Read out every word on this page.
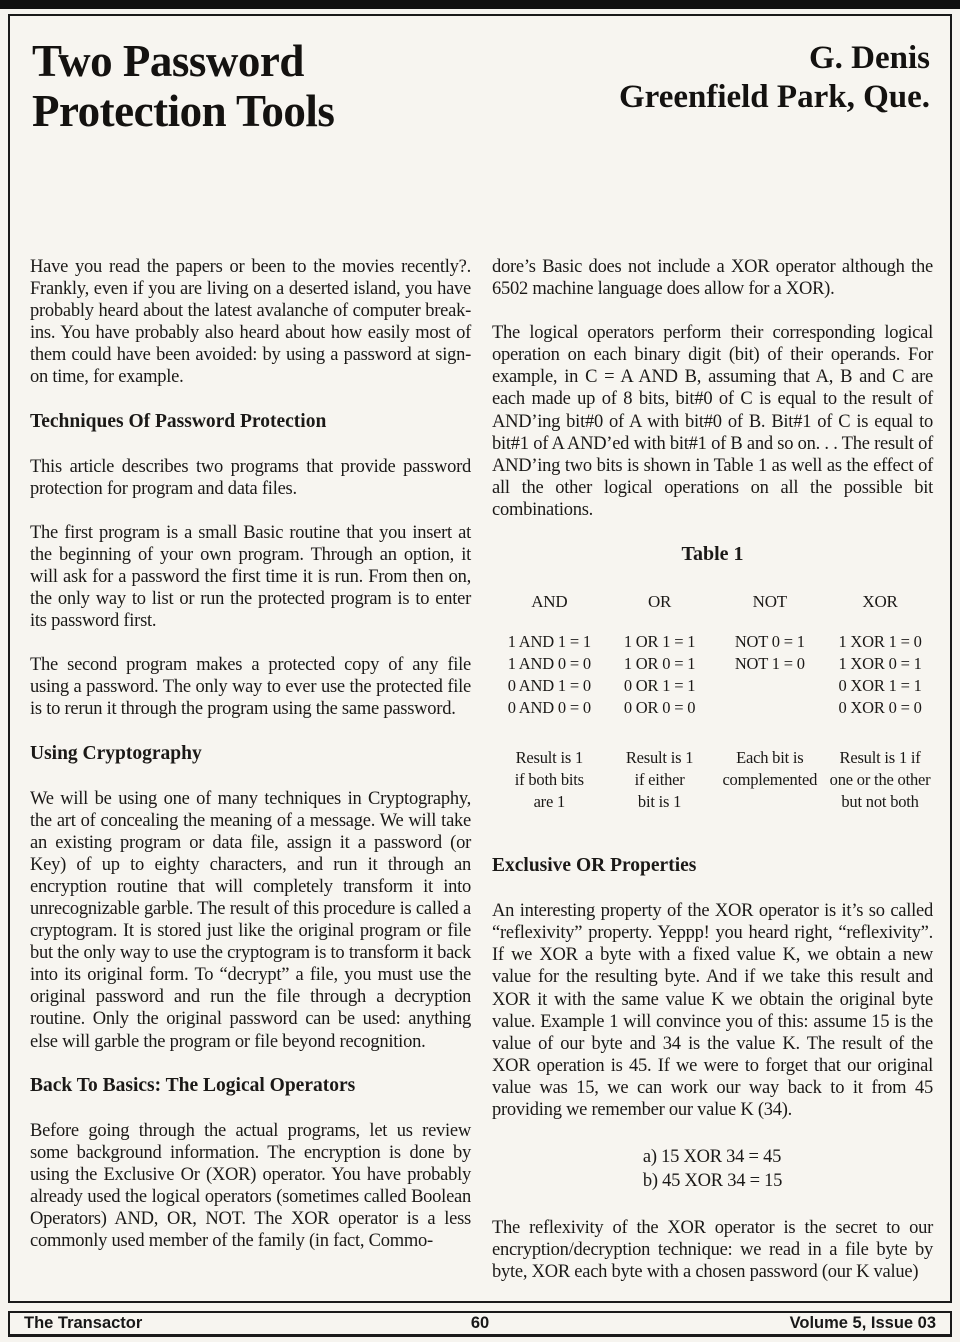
Two Password
Protection Tools
G. Denis
Greenfield Park, Que.

Have you read the papers or been to the movies recently?. Frankly, even if you are living on a deserted island, you have probably heard about the latest avalanche of computer break-ins. You have probably also heard about how easily most of them could have been avoided: by using a password at sign-on time, for example.

Techniques Of Password Protection

This article describes two programs that provide password protection for program and data files.

The first program is a small Basic routine that you insert at the beginning of your own program. Through an option, it will ask for a password the first time it is run. From then on, the only way to list or run the protected program is to enter its password first.

The second program makes a protected copy of any file using a password. The only way to ever use the protected file is to rerun it through the program using the same password.

Using Cryptography

We will be using one of many techniques in Cryptography, the art of concealing the meaning of a message. We will take an existing program or data file, assign it a password (or Key) of up to eighty characters, and run it through an encryption routine that will completely transform it into unrecognizable garble. The result of this procedure is called a cryptogram. It is stored just like the original program or file but the only way to use the cryptogram is to transform it back into its original form. To “decrypt” a file, you must use the original password and run the file through a decryption routine. Only the original password can be used: anything else will garble the program or file beyond recognition.

Back To Basics: The Logical Operators

Before going through the actual programs, let us review some background information. The encryption is done by using the Exclusive Or (XOR) operator. You have probably already used the logical operators (sometimes called Boolean Operators) AND, OR, NOT. The XOR operator is a less commonly used member of the family (in fact, Commo-

dore’s Basic does not include a XOR operator although the 6502 machine language does allow for a XOR).

The logical operators perform their corresponding logical operation on each binary digit (bit) of their operands. For example, in C = A AND B, assuming that A, B and C are each made up of 8 bits, bit#0 of C is equal to the result of AND’ing bit#0 of A with bit#0 of B. Bit#1 of C is equal to bit#1 of A AND’ed with bit#1 of B and so on. . . The result of AND’ing two bits is shown in Table 1 as well as the effect of all the other logical operations on all the possible bit combinations.

Table 1
AND
1 AND 1 = 1
1 AND 0 = 0
0 AND 1 = 0
0 AND 0 = 0
Result is 1
if both bits
are 1
OR
1 OR 1 = 1
1 OR 0 = 1
0 OR 1 = 1
0 OR 0 = 0
Result is 1
if either
bit is 1
NOT
NOT 0 = 1
NOT 1 = 0
Each bit is
complemented
XOR
1 XOR 1 = 0
1 XOR 0 = 1
0 XOR 1 = 1
0 XOR 0 = 0
Result is 1 if
one or the other
but not both
Exclusive OR Properties

An interesting property of the XOR operator is it’s so called “reflexivity” property. Yeppp! you heard right, “reflexivity”. If we XOR a byte with a fixed value K, we obtain a new value for the resulting byte. And if we take this result and XOR it with the same value K we obtain the original byte value. Example 1 will convince you of this: assume 15 is the value of our byte and 34 is the value K. The result of the XOR operation is 45. If we were to forget that our original value was 15, we can work our way back to it from 45 providing we remember our value K (34).

a) 15 XOR 34 = 45
b) 45 XOR 34 = 15

The reflexivity of the XOR operator is the secret to our encryption/decryption technique: we read in a file byte by byte, XOR each byte with a chosen password (our K value)

The Transactor	60	Volume 5, Issue 03
